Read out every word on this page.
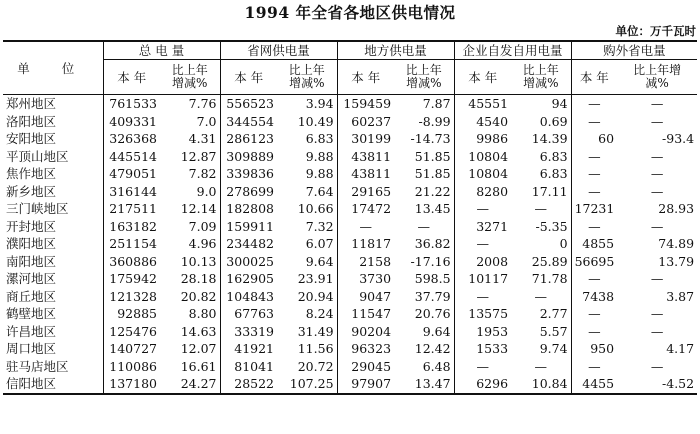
1994 年全省各地区供电情况
单位：万千瓦时
单 位	总 电 量		省网供电量		地方供电量		企业自发自用电量		购外省电量	
	本 年	比上年增减%	本 年	比上年增减%	本 年	比上年增减%	本 年	比上年增减%	本 年	比上年增减%
郑州地区	761533	7.76	556523	3.94	159459	7.87	45551	94	—	—
洛阳地区	409331	7.0	344554	10.49	60237	-8.99	4540	0.69	—	—
安阳地区	326368	4.31	286123	6.83	30199	-14.73	9986	14.39	60	-93.4
平顶山地区	445514	12.87	309889	9.88	43811	51.85	10804	6.83	—	—
焦作地区	479051	7.82	339836	9.88	43811	51.85	10804	6.83	—	—
新乡地区	316144	9.0	278699	7.64	29165	21.22	8280	17.11	—	—
三门峡地区	217511	12.14	182808	10.66	17472	13.45	—	—	17231	28.93
开封地区	163182	7.09	159911	7.32	—	—	3271	-5.35	—	—
濮阳地区	251154	4.96	234482	6.07	11817	36.82	—	0	4855	74.89
南阳地区	360886	10.13	300025	9.64	2158	-17.16	2008	25.89	56695	13.79
漯河地区	175942	28.18	162905	23.91	3730	598.5	10117	71.78	—	—
商丘地区	121328	20.82	104843	20.94	9047	37.79	—	—	7438	3.87
鹤壁地区	92885	8.80	67763	8.24	11547	20.76	13575	2.77	—	—
许昌地区	125476	14.63	33319	31.49	90204	9.64	1953	5.57	—	—
周口地区	140727	12.07	41921	11.56	96323	12.42	1533	9.74	950	4.17
驻马店地区	110086	16.61	81041	20.72	29045	6.48	—	—	—	—
信阳地区	137180	24.27	28522	107.25	97907	13.47	6296	10.84	4455	-4.52
